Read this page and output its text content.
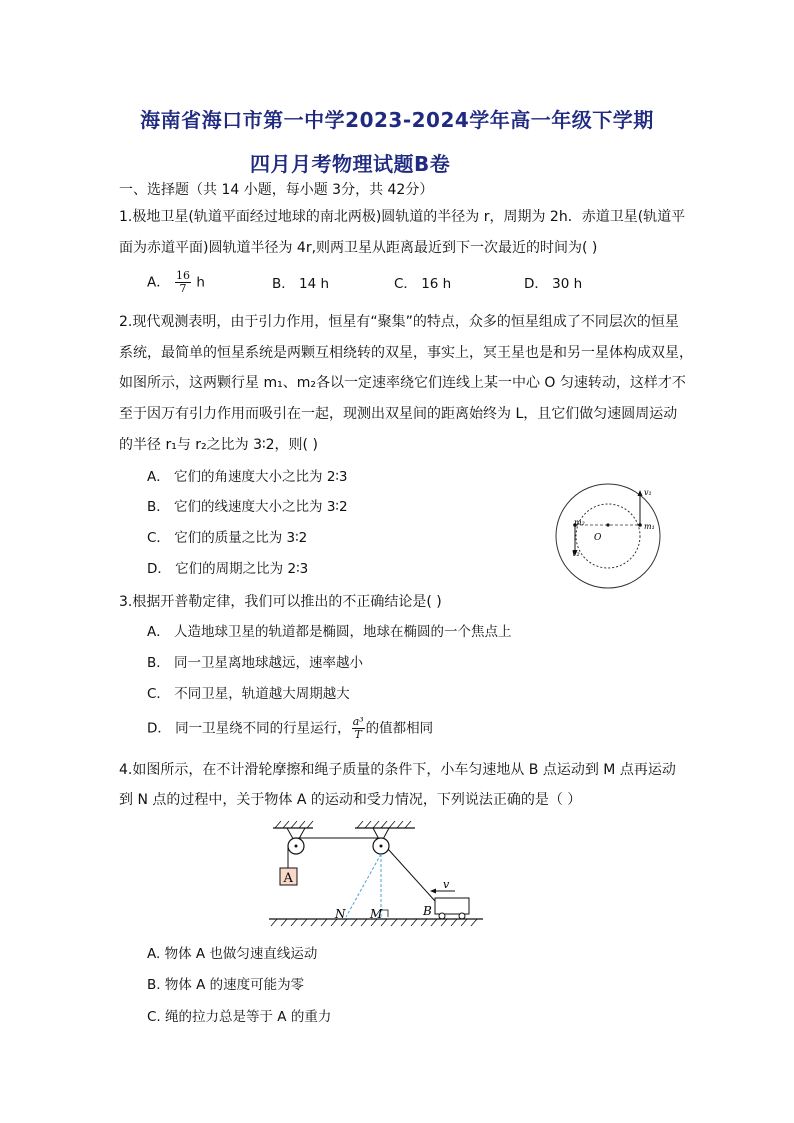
海南省海口市第一中学2023-2024学年高一年级下学期
四月月考物理试题B卷
一、选择题（共 14 小题，每小题 3分，共 42分）
1.极地卫星(轨道平面经过地球的南北两极)圆轨道的半径为 r，周期为 2h．赤道卫星(轨道平
面为赤道平面)圆轨道半径为 4r,则两卫星从距离最近到下一次最近的时间为( )
A． $\frac{16}{7}$ h	B． 14 h	C． 16 h	D． 30 h
2.现代观测表明，由于引力作用，恒星有“聚集”的特点，众多的恒星组成了不同层次的恒星
系统，最简单的恒星系统是两颗互相绕转的双星，事实上，冥王星也是和另一星体构成双星，
如图所示，这两颗行星 m₁、m₂各以一定速率绕它们连线上某一中心 O 匀速转动，这样才不
至于因万有引力作用而吸引在一起，现测出双星间的距离始终为 L，且它们做匀速圆周运动
的半径 r₁与 r₂之比为 3∶2，则( )
A． 它们的角速度大小之比为 2∶3
B． 它们的线速度大小之比为 3∶2
C． 它们的质量之比为 3∶2
D． 它们的周期之比为 2∶3
v₁
m₁
m₂
v₂
O
3.根据开普勒定律，我们可以推出的不正确结论是( )
A． 人造地球卫星的轨道都是椭圆，地球在椭圆的一个焦点上
B． 同一卫星离地球越远，速率越小
C． 不同卫星，轨道越大周期越大
D． 同一卫星绕不同的行星运行， $\frac{\text{a³}}{T}$ 的值都相同
4.如图所示，在不计滑轮摩擦和绳子质量的条件下，小车匀速地从 B 点运动到 M 点再运动
到 N 点的过程中，关于物体 A 的运动和受力情况，下列说法正确的是（ ）
A	v
N M	B
A. 物体 A 也做匀速直线运动
B. 物体 A 的速度可能为零
C. 绳的拉力总是等于 A 的重力
